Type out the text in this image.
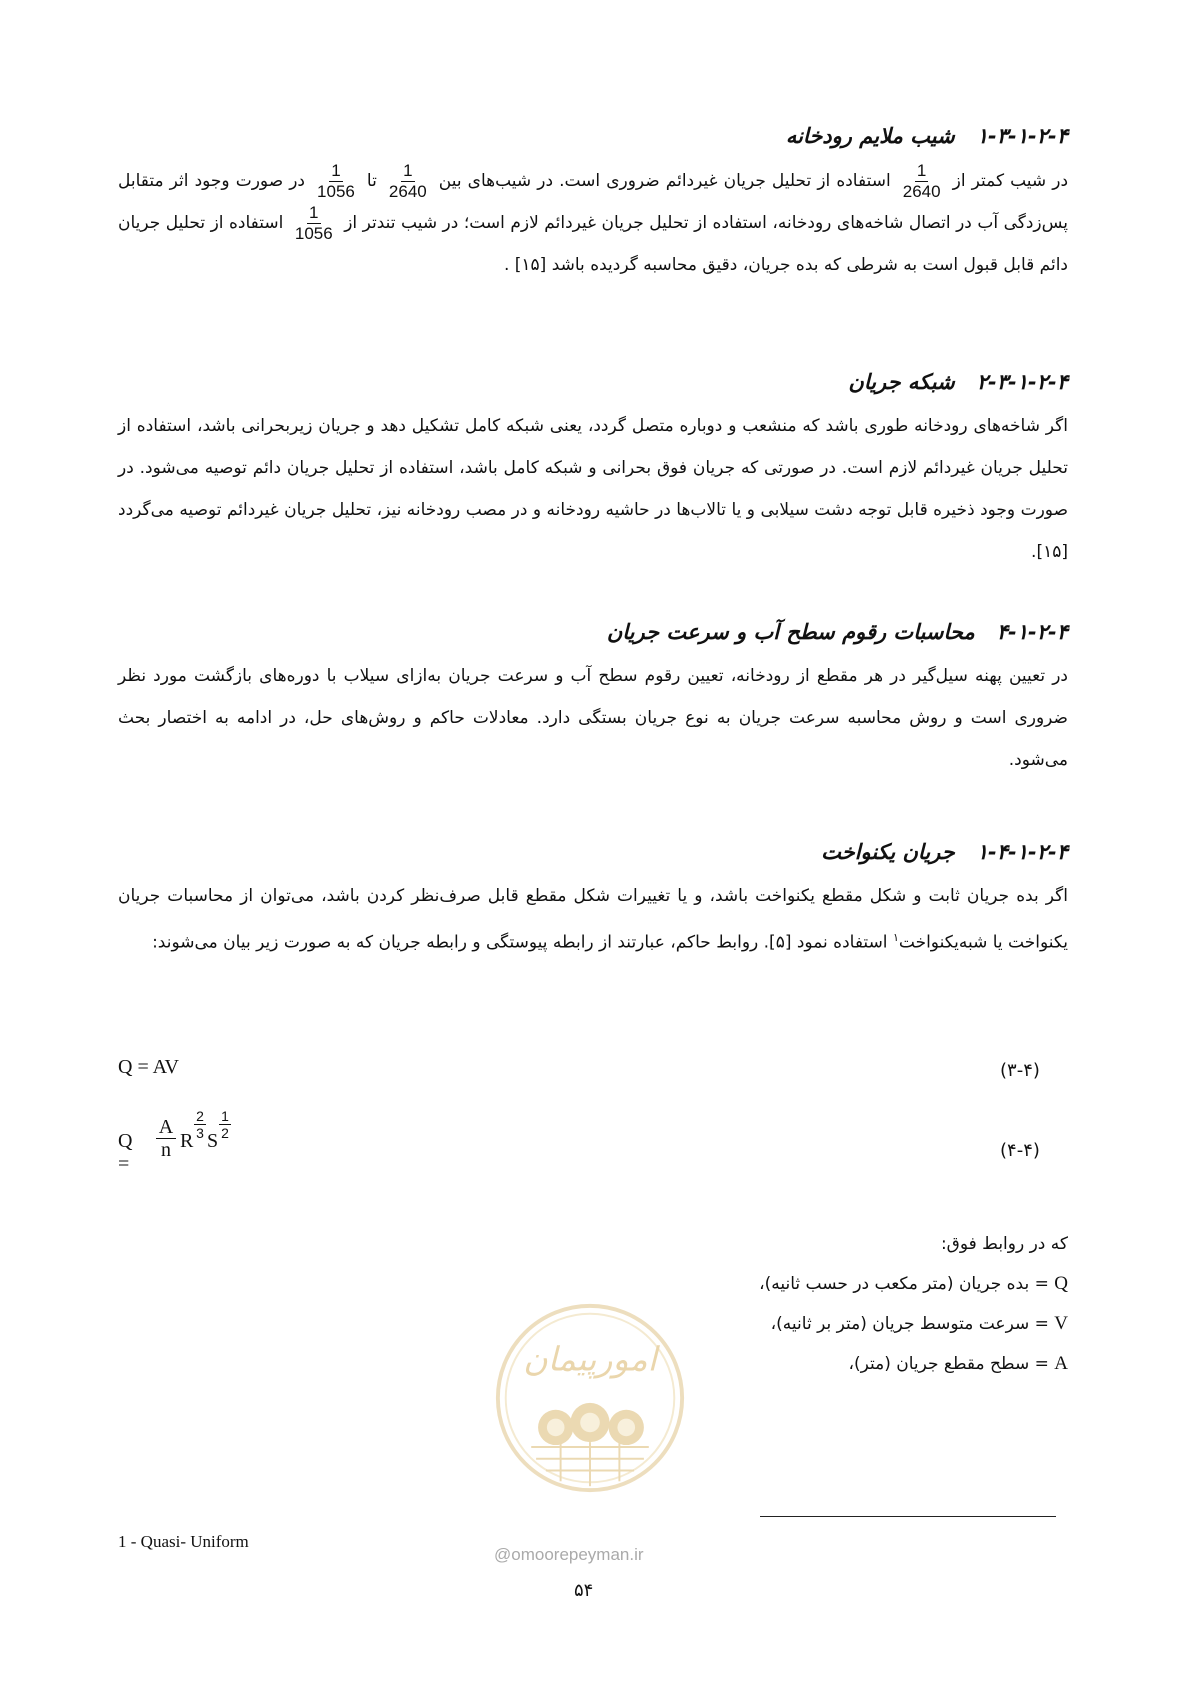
۱-۳-۱-۲-۴شیب ملایم رودخانه

در شیب کمتر از
$\frac{1}{2640}$
استفاده از تحلیل جریان غیردائم ضروری است. در شیب‌های بین
$\frac{1}{2640}$
تا
$\frac{1}{1056}$
در صورت وجود اثر متقابل پس‌زدگی آب در اتصال شاخه‌های رودخانه، استفاده از تحلیل جریان غیردائم لازم است؛ در شیب تندتر از
$\frac{1}{1056}$
استفاده از تحلیل جریان دائم قابل قبول است به شرطی که بده جریان، دقیق محاسبه گردیده باشد [۱۵] .

۲-۳-۱-۲-۴شبکه جریان

اگر شاخه‌های رودخانه طوری باشد که منشعب و دوباره متصل گردد، یعنی شبکه کامل تشکیل دهد و جریان زیربحرانی باشد، استفاده از تحلیل جریان غیردائم لازم است. در صورتی که جریان فوق بحرانی و شبکه کامل باشد، استفاده از تحلیل جریان دائم توصیه می‌شود. در صورت وجود ذخیره قابل توجه دشت سیلابی و یا تالاب‌ها در حاشیه رودخانه و در مصب رودخانه نیز، تحلیل جریان غیردائم توصیه می‌گردد [۱۵].

۴-۱-۲-۴محاسبات رقوم سطح آب و سرعت جریان

در تعیین پهنه سیل‌گیر در هر مقطع از رودخانه، تعیین رقوم سطح آب و سرعت جریان به‌ازای سیلاب با دوره‌های بازگشت مورد نظر ضروری است و روش محاسبه سرعت جریان به نوع جریان بستگی دارد. معادلات حاکم و روش‌های حل، در ادامه به اختصار بحث می‌شود.

۱-۴-۱-۲-۴جریان یکنواخت

اگر بده جریان ثابت و شکل مقطع یکنواخت باشد، و یا تغییرات شکل مقطع قابل صرف‌نظر کردن باشد، می‌توان از محاسبات جریان یکنواخت یا شبه‌یکنواخت$^۱$ استفاده نمود [۵]. روابط حاکم، عبارتند از رابطه پیوستگی و رابطه جریان که به صورت زیر بیان می‌شوند:

Q = AV	(۳-۴)
Q =
A
n R
2
3 S
1
2
(۴-۴)
که در روابط فوق:
Q = بده جریان (متر مکعب در حسب ثانیه)،
V = سرعت متوسط جریان (متر بر ثانیه)،
A = سطح مقطع جریان (متر)،
امورپیمان
@omoorepeyman.ir
1 - Quasi- Uniform
۵۴
